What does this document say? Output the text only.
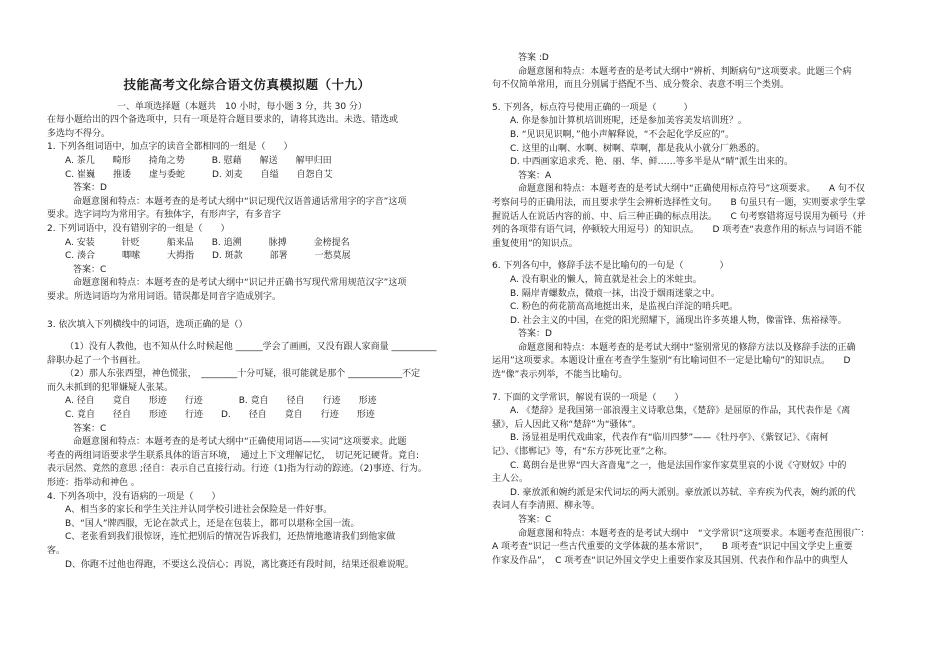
技能高考文化综合语文仿真模拟题（十九）
一、单项选择题（本题共　10 小时，每小题 3 分，共 30 分）
在每小题给出的四个备选项中，只有一项是符合题目要求的，请将其选出。未选、错选或
多选均不得分。
1. 下列各组词语中，加点字的读音全都相同的一组是（　　）
A. 茶几　　畸形　　掎角之势　　　B. 慰藉　　解送　　解甲归田
C. 崔巍　　推诿　　虚与委蛇　　　D. 刘麦　　自缢　　自怨自艾
答案：D
命题意图和特点：本题考查的是考试大纲中“识记现代汉语普通话常用字的字音”这项
要求。选字词均为常用字。有独体字，有形声字，有多音字
2. 下列词语中，没有错别字的一组是（　　）
A. 安装　　　针贬　　　船来品　　B. 追溯　　　脉搏　　　金榜提名
C. 湊合　　　唧嗦　　　大拇指　　D. 斑款　　　部署　　　一愁莫展
答案：C
命题意图和特点：本题考查的是考试大纲中“识记并正确书写现代常用规范汉字”这项
要求。所选词语均为常用词语。错误都是同音字造成别字。
3. 依次填入下列横线中的词语，选项正确的是（）
（1）没有人教他，也不知从什么时候起他 ______学会了画画，又没有跟人家商量 __________
辞职办起了一个书画社。
（2）那人东张西望，神色慌张，　________十分可疑，很可能就是那个 ____________不定
而久未抓到的犯罪嫌疑人张某。
A. 径自　　竟自　　形迹　　行迹　　　　B. 竟自　　径自　　行迹　　形迹
C. 竟自　　径自　　形迹　　行迹　　D.　　径自　　竟自　　行迹　　形迹
答案：C
命题意图和特点：本题考查的是考试大纲中“正确使用词语——实词”这项要求。此题
考查的两组词语要求学生联系具体的语言环境，　通过上下文理解记忆，　切记死记硬背。竟自:
表示居然、竟然的意思 ;径自：表示自己直接行动。行迹（1)指为行动的踪迹。（2)事迹、行为。
形迹：指举动和神色 。
4. 下列各项中，没有语病的一项是（　　）
A、相当多的家长和学生关注并认同学校引进社会保险是一件好事。
B、“国人”牌西服，无论在款式上，还是在包装上，都可以堪称全国一流。
C、老张看到我们很惊讶，连忙把别后的情况告诉我们，还热情地邀请我们到他家做
客。
D、你跑不过他也得跑，不要这么没信心；再说，离比赛还有段时间，结果还很难说呢。
答案 :D
命题意图和特点：本题考查的是考试大纲中“辨析、判断病句”这项要求。此题三个病
句不仅简单常用，而且分别属于搭配不当、成分赘余、表意不明三个类别。
5. 下列各，标点符号使用正确的一项是（　　　）
A. 你是参加计算机培训班呢，还是参加美容美发培训班？。
B. “见识见识啊，”他小声解释说，“不会起化学反应的”。
C. 这里的山啊、水啊、树啊、草啊，都是我从小就分厂熟悉的。
D. 中西画家追求秃、艳、丽、华、鲜……等多半是从“晴”派生出来的。
答案：A
命题意图和特点：本题考查的是考试大纲中“正确使用标点符号”这项要求。　　A 句不仅
考察问号的正确用法，而且要求学生会辨析选择性文句。　　B 句虽只有一题，实则要求学生掌
握说话人在说话内容的前、中、后三种正确的标点用法。　　C 句考察错将逗号误用为顿号（并
列的各项带有语气词，停顿较大用逗号）的知识点。　　D 项考查“表意作用的标点与词语不能
重复使用”的知识点。
6. 下列各句中，修辞手法不是比喻句的一句是（　　　　）
A. 没有职业的懒人，简直就是社会上的米蛀虫。
B. 隔岸青螺数点，微痕一抹，出没于烟雨迷蒙之中。
C. 粉色的荷花箭高高地挺出来，是监视白洋淀的哨兵吧。
D. 社会主义的中国，在党的阳光照耀下，涌现出许多英雄人物，像雷锋、焦裕禄等。
答案：D
命题意图和特点：本题考查的是考试大纲中“鉴别常见的修辞方法以及修辞手法的正确
运用”这项要求。本题设计重在考查学生鉴别“有比喻词但不一定是比喻句”的知识点。　　D
选“像”表示列举，不能当比喻句。
7. 下面的文学常识，解说有误的一项是（　　）
A. 《楚辞》是我国第一部浪漫主义诗歌总集，《楚辞》是屈原的作品，其代表作是《离
骚》，后人因此又称“楚辞”为“骚体”。
B. 汤显祖是明代戏曲家，代表作有“临川四梦”——《牡丹亭》、《紫钗记》、《南柯
记》、《邯郸记》等，有“东方莎死比亚”之称。
C. 葛朗台是世界“四大吝啬鬼”之一，他是法国作家作家莫里哀的小说《守财奴》中的
主人公。
D. 豪放派和婉约派是宋代词坛的两大派别。豪放派以苏轼、辛弃疾为代表，婉约派的代
表词人有李清照、柳永等。
答案：C
命题意图和特点：本题考查的是考试大纲中　“文学常识”这项要求。本题考查范围很广：
A 项考查“识记一些古代重要的文学体裁的基本常识”，　　B 项考查“识记中国文学史上重要
作家及作品”，　C 项考查“识记外国文学史上重要作家及其国别、代表作和作品中的典型人
